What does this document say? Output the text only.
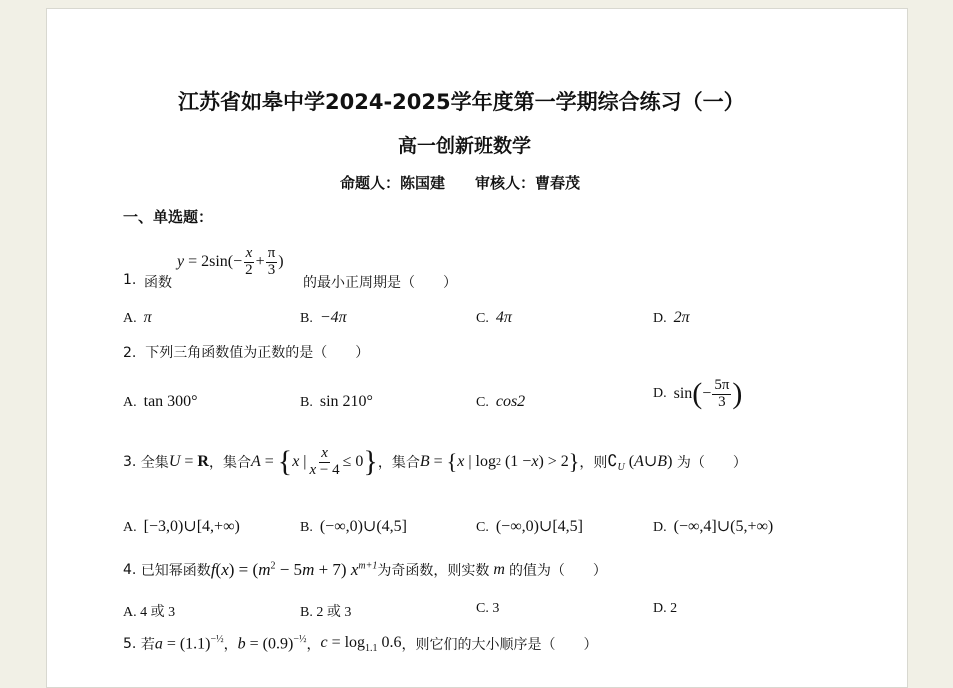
江苏省如皋中学2024-2025学年度第一学期综合练习（一）
高一创新班数学
命题人：陈国建　　审核人：曹春茂
一、单选题：
1. 函数
$y = 2\sin(- \frac{x}{2} + \frac{\pi}{3}$ )
的最小正周期是（　　）
A. π	B. −4π	C. 4π	D. 2π
2. 下列三角函数值为正数的是（　　）
A. tan 300°	B. sin 210°	C. cos2	D.
sin ( − $\frac{5\pi}{3}$ )
3.
全集 U = R ，集合 A = { x | $\frac{x}{x - 4} \le 0$ } ，集合 B = { x | log 2 (1 − x ) > 2 } ，则 $∁_U$ (A∪B)
为（　　）
A. [−3,0)∪[4,+∞)	B. (−∞,0)∪(4,5]	C. (−∞,0)∪[4,5]	D. (−∞,4]∪(5,+∞)
4.
已知幂函数 $f(x) = (m^2 - 5m + 7)$ $x^{m+1}$ 为奇函数，则实数 m 的值为（　　）
A. 4 或 3	B. 2 或 3	C. 3	D. 2
5.
若 $a = (1.1)^{-\frac{1}{2}}$ ， $b = (0.9)^{-\frac{1}{2}}$ ， $c = \log_{1.1} 0.6$ ，则它们的大小顺序是（　　）
